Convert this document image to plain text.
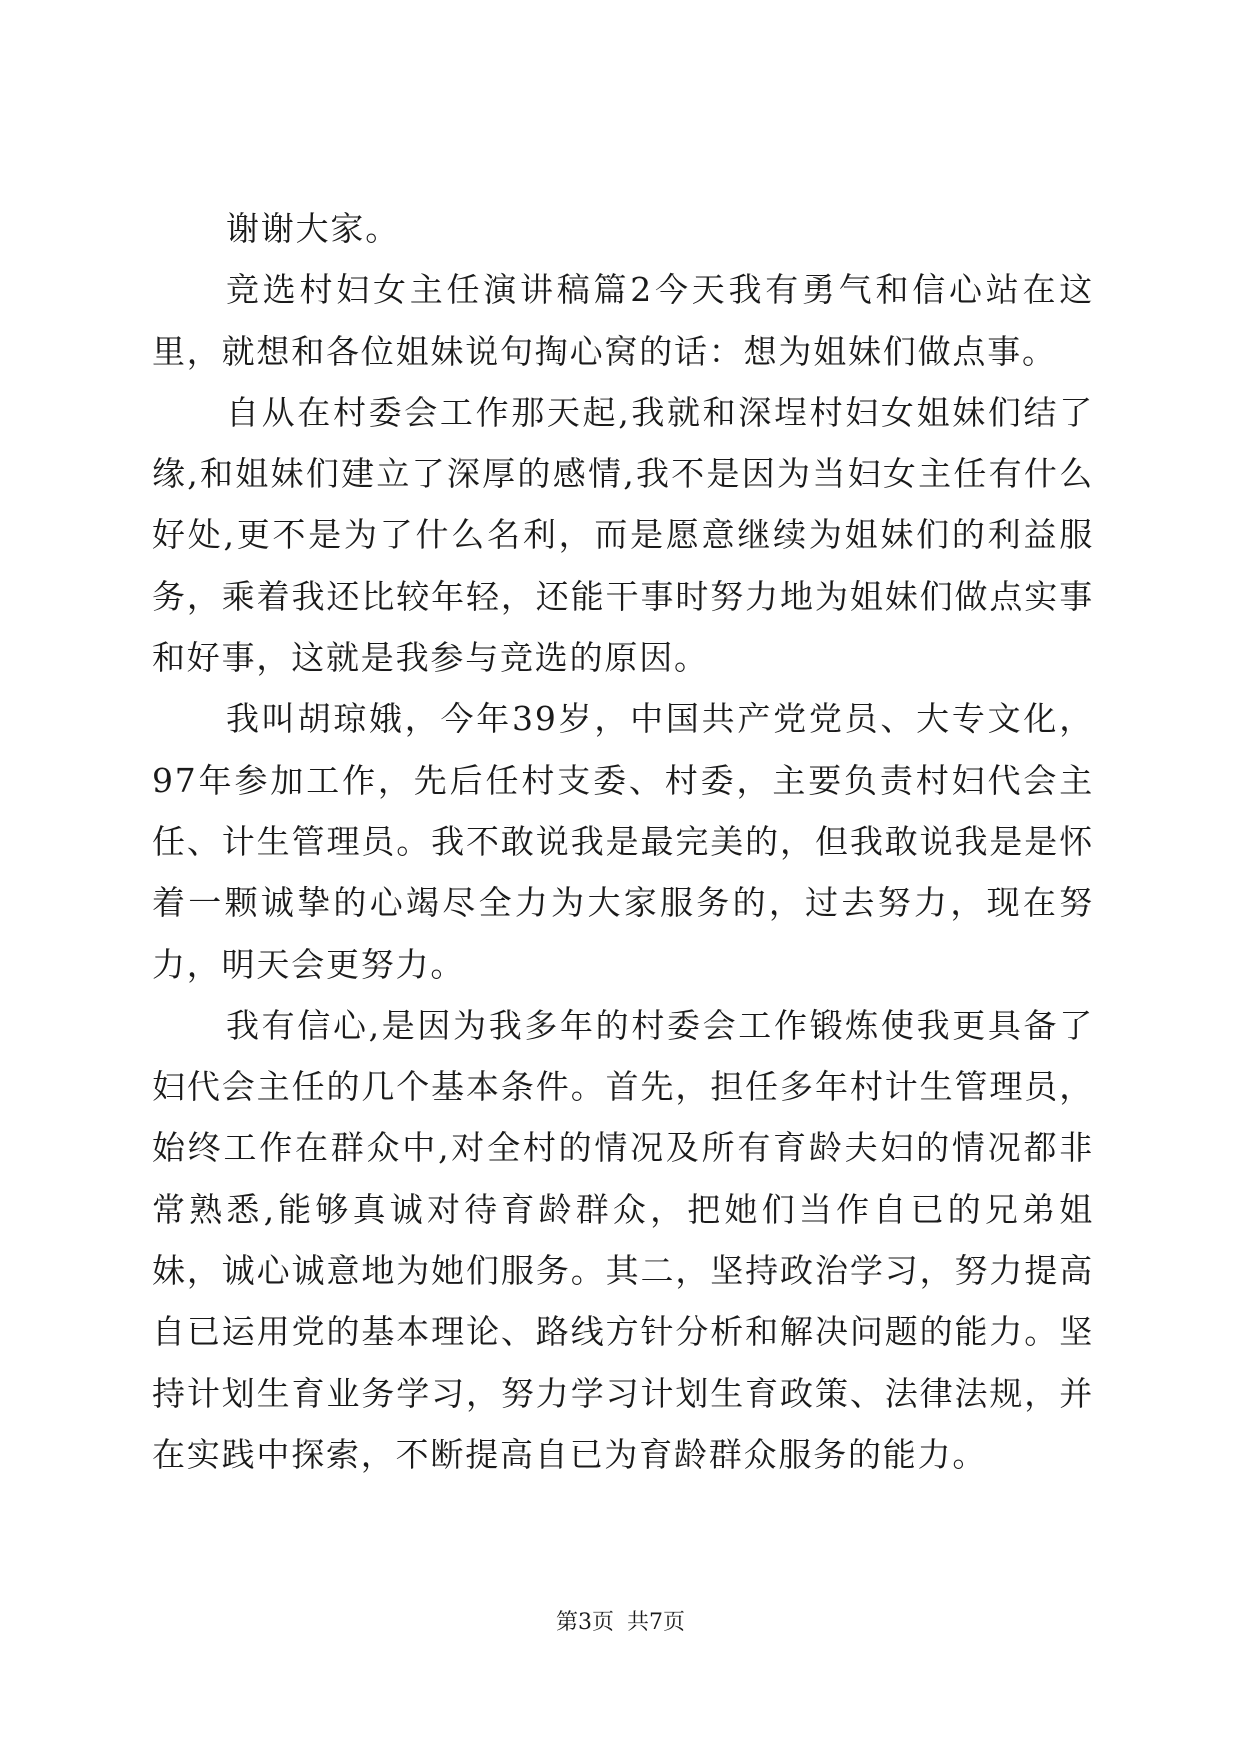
谢谢大家。

竞选村妇女主任演讲稿篇2今天我有勇气和信心站在这里，就想和各位姐妹说句掏心窝的话：想为姐妹们做点事。

自从在村委会工作那天起,我就和深埕村妇女姐妹们结了缘,和姐妹们建立了深厚的感情,我不是因为当妇女主任有什么好处,更不是为了什么名利，而是愿意继续为姐妹们的利益服务，乘着我还比较年轻，还能干事时努力地为姐妹们做点实事和好事，这就是我参与竞选的原因。

我叫胡琼娥，今年39岁，中国共产党党员、大专文化，97年参加工作，先后任村支委、村委，主要负责村妇代会主任、计生管理员。我不敢说我是最完美的，但我敢说我是是怀着一颗诚挚的心竭尽全力为大家服务的，过去努力，现在努力，明天会更努力。

我有信心,是因为我多年的村委会工作锻炼使我更具备了妇代会主任的几个基本条件。首先，担任多年村计生管理员，始终工作在群众中,对全村的情况及所有育龄夫妇的情况都非常熟悉,能够真诚对待育龄群众，把她们当作自已的兄弟姐妹，诚心诚意地为她们服务。其二，坚持政治学习，努力提高自已运用党的基本理论、路线方针分析和解决问题的能力。坚持计划生育业务学习，努力学习计划生育政策、法律法规，并在实践中探索，不断提高自已为育龄群众服务的能力。

第3页 共7页
